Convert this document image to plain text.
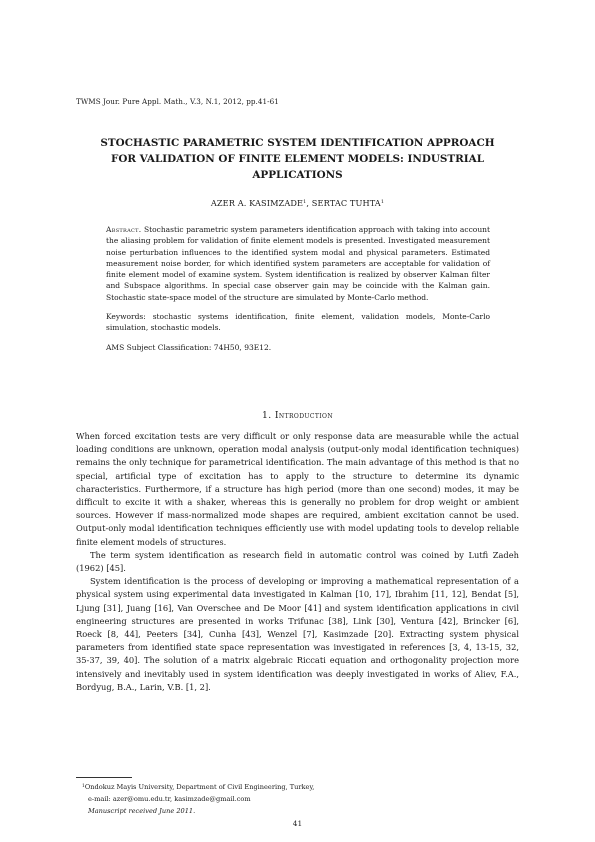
TWMS Jour. Pure Appl. Math., V.3, N.1, 2012, pp.41-61
STOCHASTIC PARAMETRIC SYSTEM IDENTIFICATION APPROACH
FOR VALIDATION OF FINITE ELEMENT MODELS: INDUSTRIAL
APPLICATIONS
AZER A. KASIMZADE$^1$, SERTAC TUHTA$^1$

Abstract. Stochastic parametric system parameters identification approach with taking into account the aliasing problem for validation of finite element models is presented. Investigated measurement noise perturbation influences to the identified system modal and physical parameters. Estimated measurement noise border, for which identified system parameters are acceptable for validation of finite element model of examine system. System identification is realized by observer Kalman filter and Subspace algorithms. In special case observer gain may be coincide with the Kalman gain. Stochastic state-space model of the structure are simulated by Monte-Carlo method.

Keywords: stochastic systems identification, finite element, validation models, Monte-Carlo simulation, stochastic models.

AMS Subject Classification: 74H50, 93E12.

1. Introduction

When forced excitation tests are very difficult or only response data are measurable while the actual loading conditions are unknown, operation modal analysis (output-only modal identification techniques) remains the only technique for parametrical identification. The main advantage of this method is that no special, artificial type of excitation has to apply to the structure to determine its dynamic characteristics. Furthermore, if a structure has high period (more than one second) modes, it may be difficult to excite it with a shaker, whereas this is generally no problem for drop weight or ambient sources. However if mass-normalized mode shapes are required, ambient excitation cannot be used. Output-only modal identification techniques efficiently use with model updating tools to develop reliable finite element models of structures.

The term system identification as research field in automatic control was coined by Lutfi Zadeh (1962) [45].

System identification is the process of developing or improving a mathematical representation of a physical system using experimental data investigated in Kalman [10, 17], Ibrahim [11, 12], Bendat [5], Ljung [31], Juang [16], Van Overschee and De Moor [41] and system identification applications in civil engineering structures are presented in works Trifunac [38], Link [30], Ventura [42], Brincker [6], Roeck [8, 44], Peeters [34], Cunha [43], Wenzel [7], Kasimzade [20]. Extracting system physical parameters from identified state space representation was investigated in references [3, 4, 13-15, 32, 35-37, 39, 40]. The solution of a matrix algebraic Riccati equation and orthogonality projection more intensively and inevitably used in system identification was deeply investigated in works of Aliev, F.A., Bordyug, B.A., Larin, V.B. [1, 2].

$^1$Ondokuz Mayis University, Department of Civil Engineering, Turkey,
e-mail: azer@omu.edu.tr, kasimzade@gmail.com
Manuscript received June 2011.
41
